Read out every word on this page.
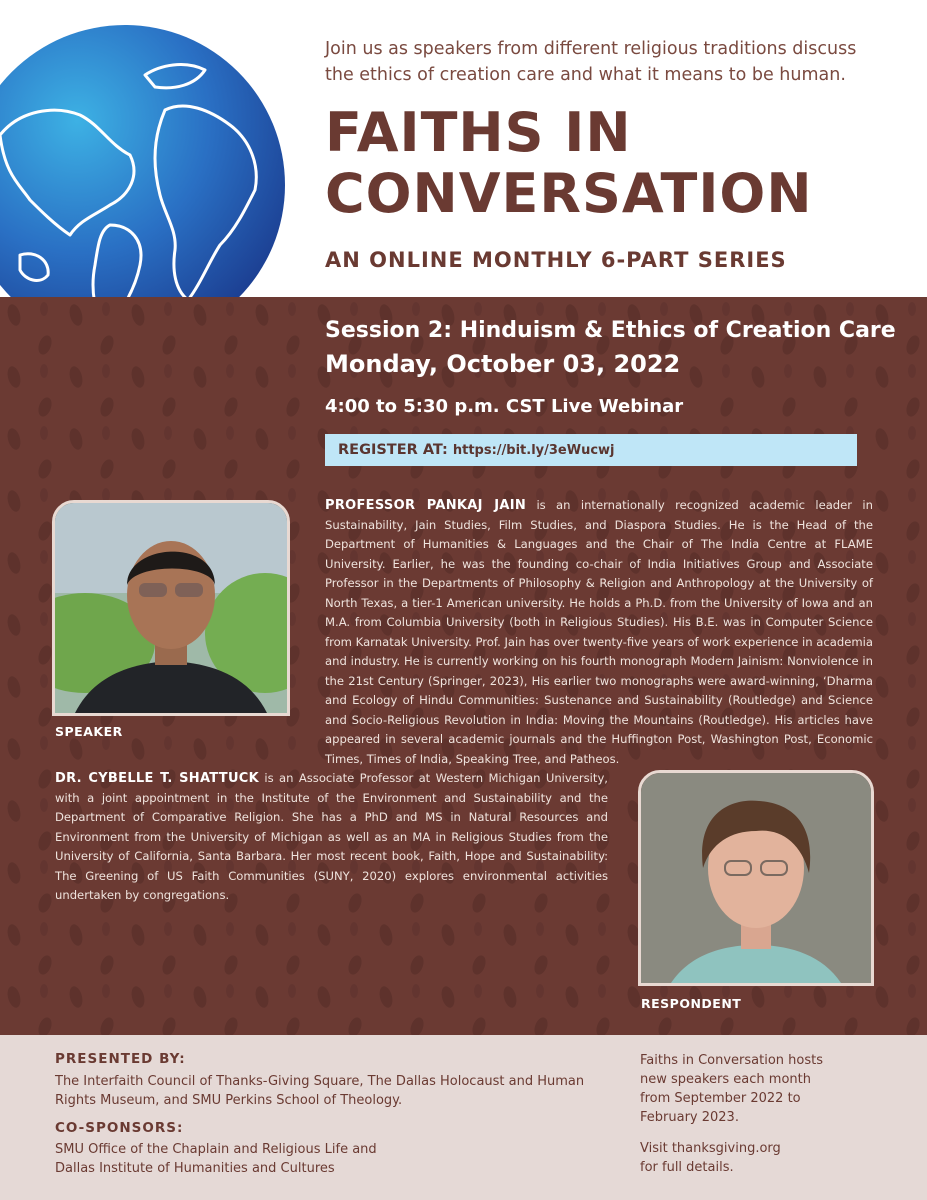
Join us as speakers from different religious traditions discuss the ethics of creation care and what it means to be human.
FAITHS IN
CONVERSATION
AN ONLINE MONTHLY 6-PART SERIES
Session 2: Hinduism & Ethics of Creation Care
Monday, October 03, 2022
4:00 to 5:30 p.m. CST Live Webinar
REGISTER AT: https://bit.ly/3eWucwj
SPEAKER
PROFESSOR PANKAJ JAIN is an internationally recognized academic leader in Sustainability, Jain Studies, Film Studies, and Diaspora Studies. He is the Head of the Department of Humanities & Languages and the Chair of The India Centre at FLAME University. Earlier, he was the founding co-chair of India Initiatives Group and Associate Professor in the Departments of Philosophy & Religion and Anthropology at the University of North Texas, a tier-1 American university. He holds a Ph.D. from the University of Iowa and an M.A. from Columbia University (both in Religious Studies). His B.E. was in Computer Science from Karnatak University. Prof. Jain has over twenty-five years of work experience in academia and industry. He is currently working on his fourth monograph Modern Jainism: Nonviolence in the 21st Century (Springer, 2023), His earlier two monographs were award-winning, ‘Dharma and Ecology of Hindu Communities: Sustenance and Sustainability (Routledge) and Science and Socio-Religious Revolution in India: Moving the Mountains (Routledge). His articles have appeared in several academic journals and the Huffington Post, Washington Post, Economic Times, Times of India, Speaking Tree, and Patheos.
DR. CYBELLE T. SHATTUCK is an Associate Professor at Western Michigan University, with a joint appointment in the Institute of the Environment and Sustainability and the Department of Comparative Religion. She has a PhD and MS in Natural Resources and Environment from the University of Michigan as well as an MA in Religious Studies from the University of California, Santa Barbara. Her most recent book, Faith, Hope and Sustainability: The Greening of US Faith Communities (SUNY, 2020) explores environmental activities undertaken by congregations.
RESPONDENT
PRESENTED BY:
The Interfaith Council of Thanks-Giving Square, The Dallas Holocaust and Human
Rights Museum, and SMU Perkins School of Theology.
CO-SPONSORS:
SMU Office of the Chaplain and Religious Life and
Dallas Institute of Humanities and Cultures
Faiths in Conversation hosts
new speakers each month
from September 2022 to
February 2023.
Visit thanksgiving.org
for full details.
